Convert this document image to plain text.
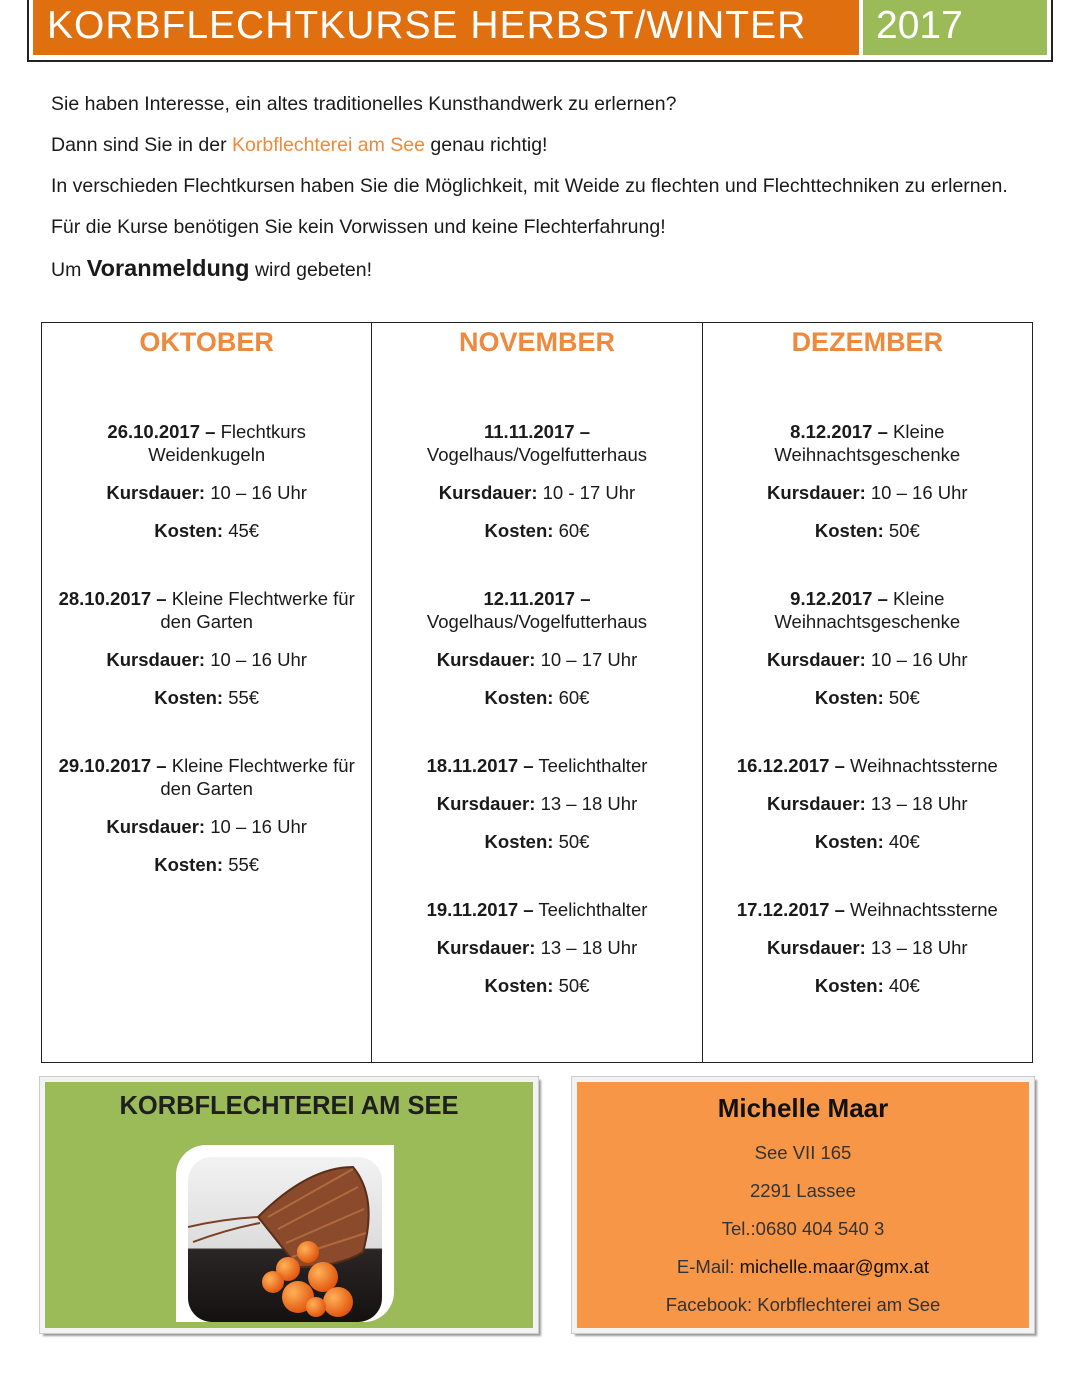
KORBFLECHTKURSE HERBST/WINTER	2017

Sie haben Interesse, ein altes traditionelles Kunsthandwerk zu erlernen?

Dann sind Sie in der Korbflechterei am See genau richtig!

In verschieden Flechtkursen haben Sie die Möglichkeit, mit Weide zu flechten und Flechttechniken zu erlernen.

Für die Kurse benötigen Sie kein Vorwissen und keine Flechterfahrung!

Um Voranmeldung wird gebeten!

OKTOBER
26.10.2017 – Flechtkurs Weidenkugeln
Kursdauer: 10 – 16 Uhr
Kosten: 45€
28.10.2017 – Kleine Flechtwerke für den Garten
Kursdauer: 10 – 16 Uhr
Kosten: 55€
29.10.2017 – Kleine Flechtwerke für den Garten
Kursdauer: 10 – 16 Uhr
Kosten: 55€
NOVEMBER
11.11.2017 – Vogelhaus/Vogelfutterhaus
Kursdauer: 10 - 17 Uhr
Kosten: 60€
12.11.2017 – Vogelhaus/Vogelfutterhaus
Kursdauer: 10 – 17 Uhr
Kosten: 60€
18.11.2017 – Teelichthalter
Kursdauer: 13 – 18 Uhr
Kosten: 50€
19.11.2017 – Teelichthalter
Kursdauer: 13 – 18 Uhr
Kosten: 50€
DEZEMBER
8.12.2017 – Kleine Weihnachtsgeschenke
Kursdauer: 10 – 16 Uhr
Kosten: 50€
9.12.2017 – Kleine Weihnachtsgeschenke
Kursdauer: 10 – 16 Uhr
Kosten: 50€
16.12.2017 – Weihnachtssterne
Kursdauer: 13 – 18 Uhr
Kosten: 40€
17.12.2017 – Weihnachtssterne
Kursdauer: 13 – 18 Uhr
Kosten: 40€
KORBFLECHTEREI AM SEE	Michelle Maar
See VII 165
2291 Lassee
Tel.:0680 404 540 3
E-Mail: michelle.maar@gmx.at
Facebook: Korbflechterei am See
